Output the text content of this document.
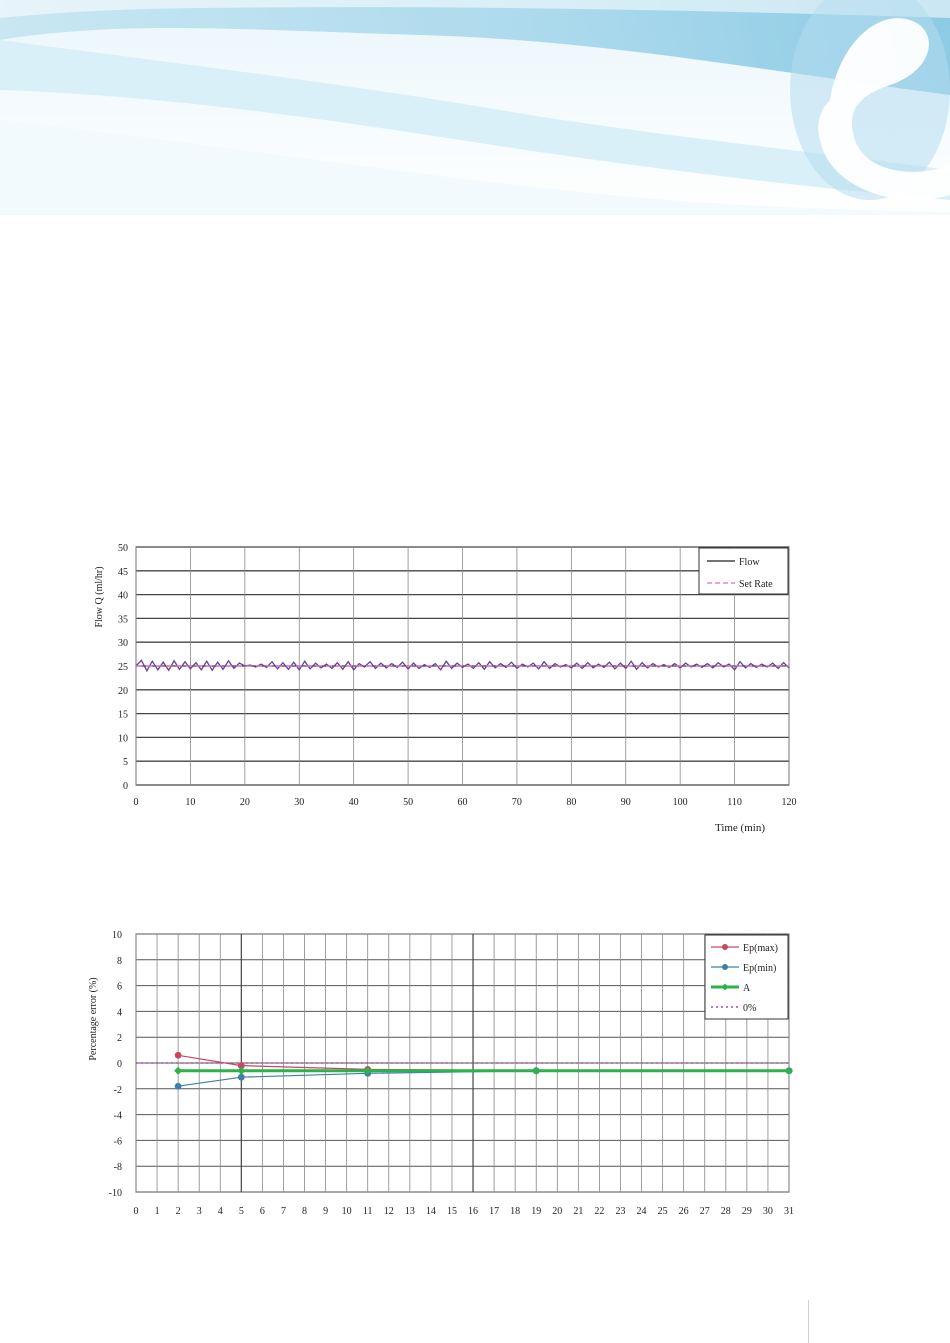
0
5
10
15
20
25
30
35
40
45
50
0	10	20	30	40	50	60	70	80	90	100	110	120
Time (min)
Flow Q (ml/hr)
Flow
Set Rate
-10
-8
-6
-4
-2
0
2
4
6
8
10
0 1 2 3 4 5 6 7 8 9 10 11 12 13 14 15 16 17 18 19 20 21 22 23 24 25 26 27 28 29 30 31
Percentage error (%)
Ep(max)
Ep(min)
A
0%
